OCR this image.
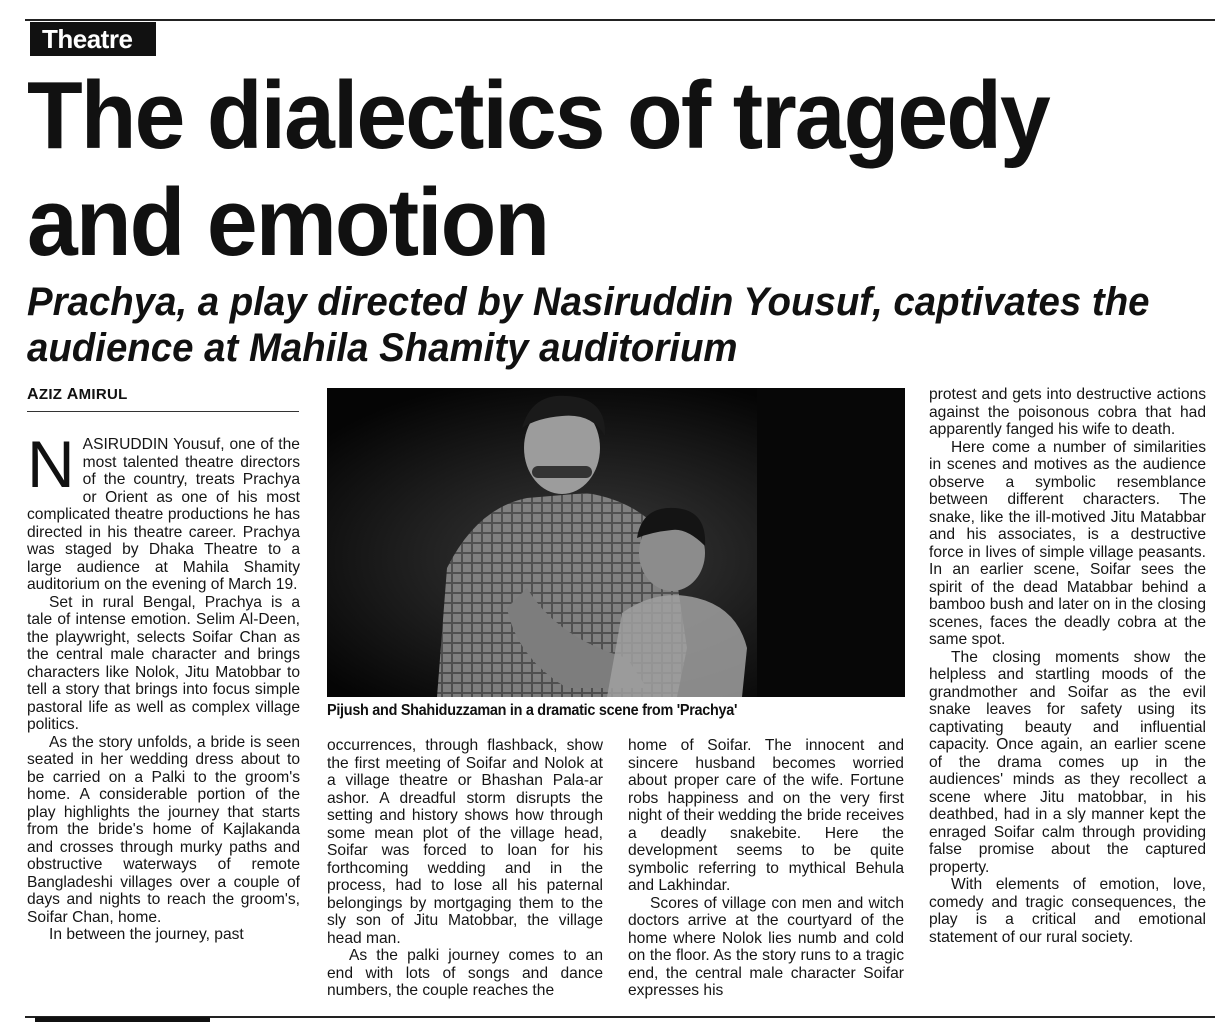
Theatre
The dialectics of tragedy and emotion
Prachya, a play directed by Nasiruddin Yousuf, captivates the audience at Mahila Shamity auditorium
AZIZ AMIRUL

NASIRUDDIN Yousuf, one of the most talented theatre directors of the country, treats Prachya or Orient as one of his most complicated theatre productions he has directed in his theatre career. Prachya was staged by Dhaka Theatre to a large audience at Mahila Shamity auditorium on the evening of March 19.

Set in rural Bengal, Prachya is a tale of intense emotion. Selim Al-Deen, the playwright, selects Soifar Chan as the central male character and brings characters like Nolok, Jitu Matobbar to tell a story that brings into focus simple pastoral life as well as complex village politics.

As the story unfolds, a bride is seen seated in her wedding dress about to be carried on a Palki to the groom's home. A considerable portion of the play highlights the journey that starts from the bride's home of Kajlakanda and crosses through murky paths and obstructive waterways of remote Bangladeshi villages over a couple of days and nights to reach the groom's, Soifar Chan, home.

In between the journey, past

Pijush and Shahiduzzaman in a dramatic scene from 'Prachya'

occurrences, through flashback, show the first meeting of Soifar and Nolok at a village theatre or Bhashan Pala-ar ashor. A dreadful storm disrupts the setting and history shows how through some mean plot of the village head, Soifar was forced to loan for his forthcoming wedding and in the process, had to lose all his paternal belongings by mortgaging them to the sly son of Jitu Matobbar, the village head man.

As the palki journey comes to an end with lots of songs and dance numbers, the couple reaches the

home of Soifar. The innocent and sincere husband becomes worried about proper care of the wife. Fortune robs happiness and on the very first night of their wedding the bride receives a deadly snakebite. Here the development seems to be quite symbolic referring to mythical Behula and Lakhindar.

Scores of village con men and witch doctors arrive at the courtyard of the home where Nolok lies numb and cold on the floor. As the story runs to a tragic end, the central male character Soifar expresses his

protest and gets into destructive actions against the poisonous cobra that had apparently fanged his wife to death.

Here come a number of similarities in scenes and motives as the audience observe a symbolic resemblance between different characters. The snake, like the ill-motived Jitu Matabbar and his associates, is a destructive force in lives of simple village peasants. In an earlier scene, Soifar sees the spirit of the dead Matabbar behind a bamboo bush and later on in the closing scenes, faces the deadly cobra at the same spot.

The closing moments show the helpless and startling moods of the grandmother and Soifar as the evil snake leaves for safety using its captivating beauty and influential capacity. Once again, an earlier scene of the drama comes up in the audiences' minds as they recollect a scene where Jitu matobbar, in his deathbed, had in a sly manner kept the enraged Soifar calm through providing false promise about the captured property.

With elements of emotion, love, comedy and tragic consequences, the play is a critical and emotional statement of our rural society.
